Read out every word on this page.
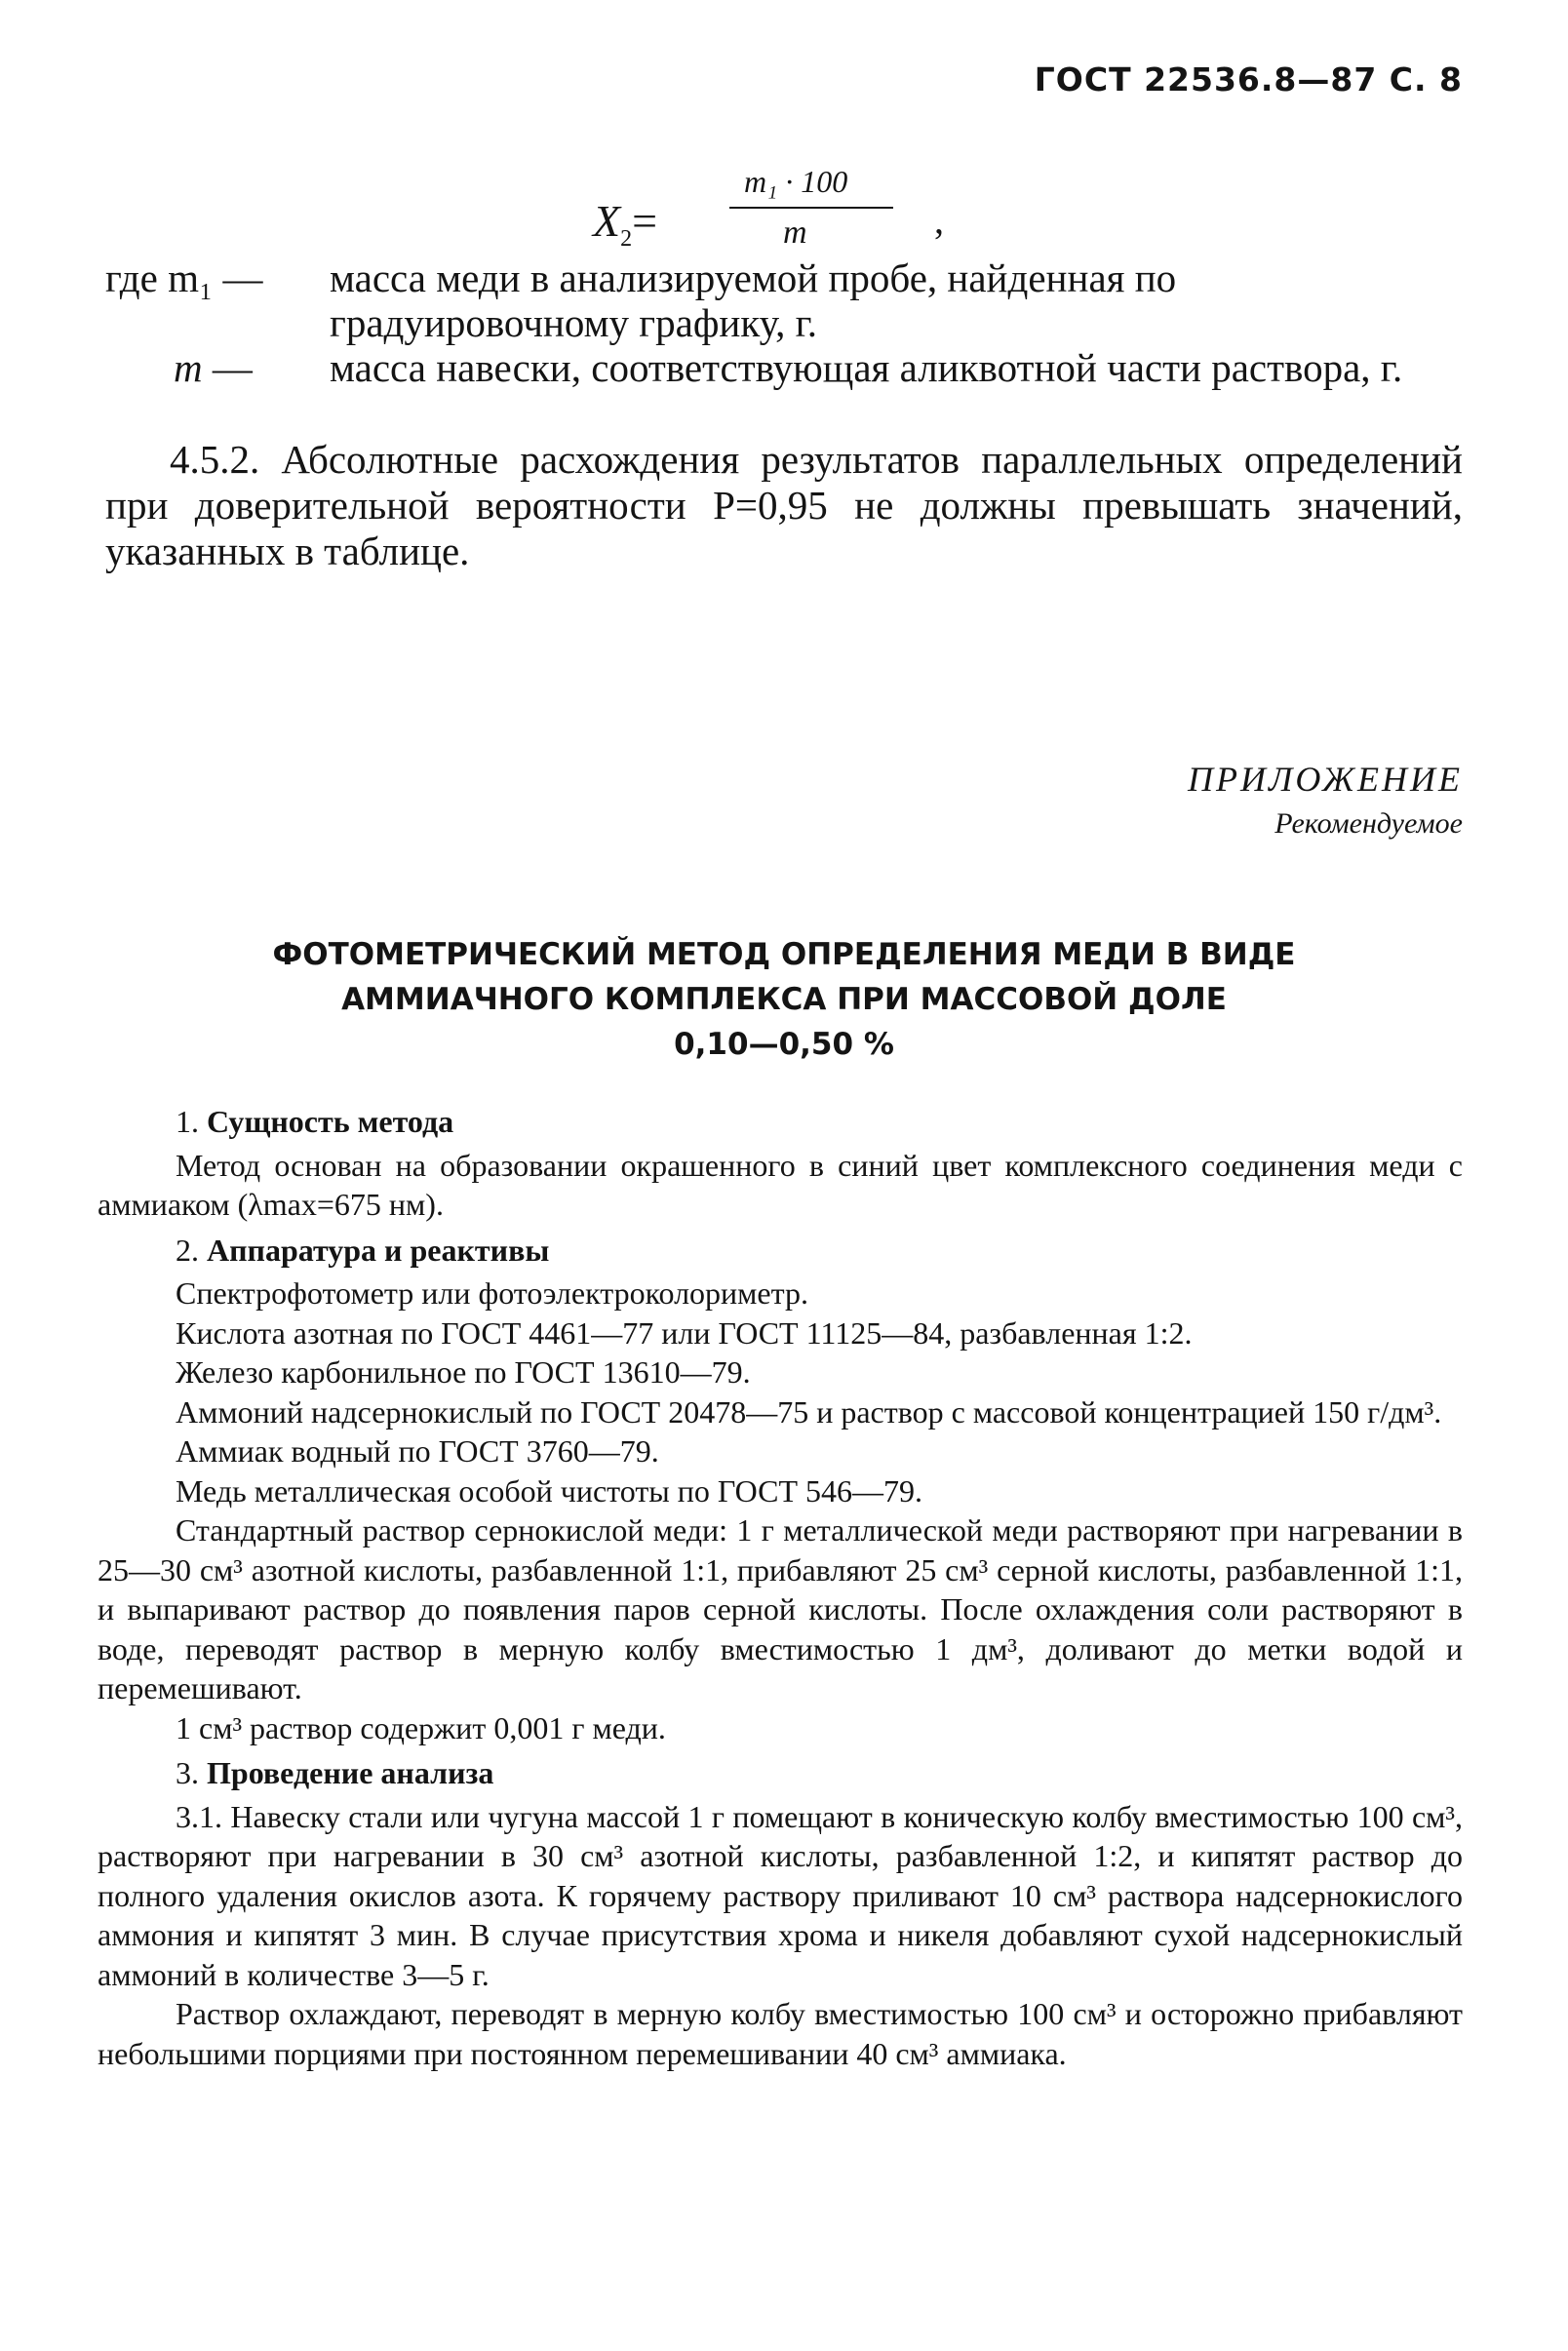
ГОСТ 22536.8—87 С. 8
$X_2=$
m₁ · 100
m	,
где m₁ —	масса меди в анализируемой пробе, найденная по градуировочному графику, г.
m — масса навески, соответствующая аликвотной части раствора, г.
4.5.2. Абсолютные расхождения результатов параллельных определений при доверительной вероятности P=0,95 не должны превышать значений, указанных в таблице.
ПРИЛОЖЕНИЕ
Рекомендуемое
ФОТОМЕТРИЧЕСКИЙ МЕТОД ОПРЕДЕЛЕНИЯ МЕДИ В ВИДЕ
АММИАЧНОГО КОМПЛЕКСА ПРИ МАССОВОЙ ДОЛЕ
0,10—0,50 %
1. Сущность метода

Метод основан на образовании окрашенного в синий цвет комплексного соединения меди с аммиаком (λmax=675 нм).

2. Аппаратура и реактивы

Спектрофотометр или фотоэлектроколориметр.

Кислота азотная по ГОСТ 4461—77 или ГОСТ 11125—84, разбавленная 1:2.

Железо карбонильное по ГОСТ 13610—79.

Аммоний надсернокислый по ГОСТ 20478—75 и раствор с массовой концентрацией 150 г/дм³.

Аммиак водный по ГОСТ 3760—79.

Медь металлическая особой чистоты по ГОСТ 546—79.

Стандартный раствор сернокислой меди: 1 г металлической меди растворяют при нагревании в 25—30 см³ азотной кислоты, разбавленной 1:1, прибавляют 25 см³ серной кислоты, разбавленной 1:1, и выпаривают раствор до появления паров серной кислоты. После охлаждения соли растворяют в воде, переводят раствор в мерную колбу вместимостью 1 дм³, доливают до метки водой и перемешивают.

1 см³ раствор содержит 0,001 г меди.

3. Проведение анализа

3.1. Навеску стали или чугуна массой 1 г помещают в коническую колбу вместимостью 100 см³, растворяют при нагревании в 30 см³ азотной кислоты, разбавленной 1:2, и кипятят раствор до полного удаления окислов азота. К горячему раствору приливают 10 см³ раствора надсернокислого аммония и кипятят 3 мин. В случае присутствия хрома и никеля добавляют сухой надсернокислый аммоний в количестве 3—5 г.

Раствор охлаждают, переводят в мерную колбу вместимостью 100 см³ и осторожно прибавляют небольшими порциями при постоянном перемешивании 40 см³ аммиака.
